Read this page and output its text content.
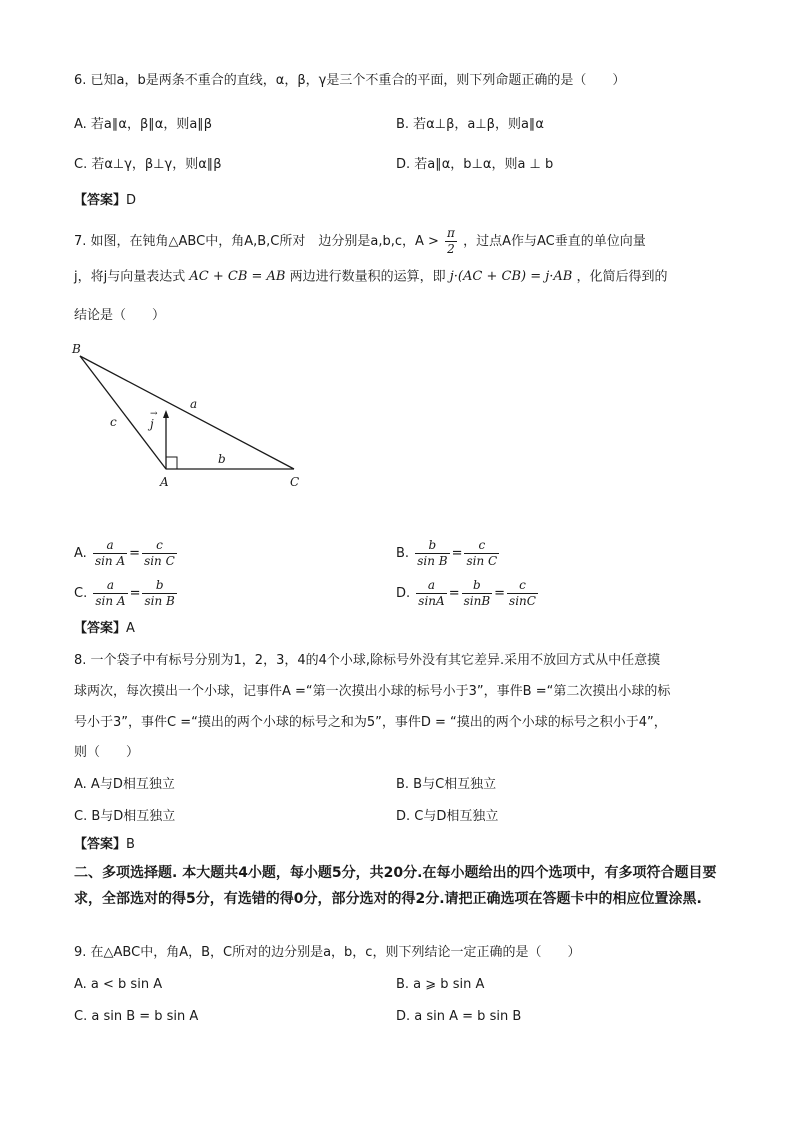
6. 已知a，b是两条不重合的直线，α，β，γ是三个不重合的平面，则下列命题正确的是（　　）
A. 若a∥α，β∥α，则a∥β	B. 若α⊥β，a⊥β，则a∥α
C. 若α⊥γ，β⊥γ，则α∥β	D. 若a∥α，b⊥α，则a ⊥ b
【答案】D
7. 如图，在钝角△ABC中，角A,B,C所对　边分别是a,b,c，$A > \frac{\pi}{2}$ ，过点A作与AC垂直的单位向量
j，将j与向量表达式 AC + CB = AB 两边进行数量积的运算，即 j·(AC + CB) = j·AB ，化简后得到的
结论是（　　）
B
A	C
a
b
c	j
→
A. $\frac{a}{\text{sin A}} = \frac{c}{\text{sin C}}$	B. $\frac{b}{\text{sin B}} = \frac{c}{\text{sin C}}$
C. $\frac{a}{\text{sin A}} = \frac{b}{\text{sin B}}$	D. $\frac{a}{\sin A} = \frac{b}{\sin B} = \frac{c}{\sin C}$
【答案】A
8. 一个袋子中有标号分别为1，2，3，4的4个小球,除标号外没有其它差异.采用不放回方式从中任意摸
球两次，每次摸出一个小球，记事件A =“第一次摸出小球的标号小于3”，事件B =“第二次摸出小球的标
号小于3”，事件C =“摸出的两个小球的标号之和为5”，事件D = “摸出的两个小球的标号之积小于4”，
则（　　）
A. A与D相互独立	B. B与C相互独立
C. B与D相互独立	D. C与D相互独立
【答案】B
二、多项选择题. 本大题共4小题，每小题5分，共20分.在每小题给出的四个选项中，有多项符合题目要求，全部选对的得5分，有选错的得0分，部分选对的得2分.请把正确选项在答题卡中的相应位置涂黑.
9. 在△ABC中，角A，B，C所对的边分别是a，b，c，则下列结论一定正确的是（　　）
A. a < b sin A	B. a ⩾ b sin A
C. a sin B = b sin A	D. a sin A = b sin B
